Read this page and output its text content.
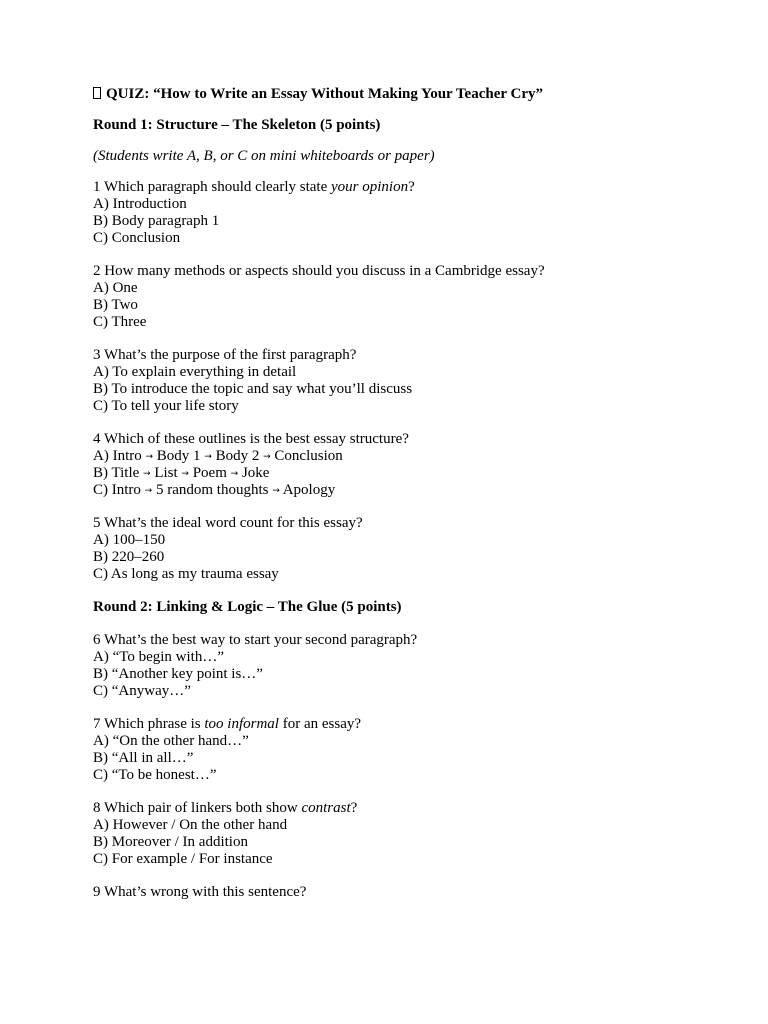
QUIZ: “How to Write an Essay Without Making Your Teacher Cry”
Round 1: Structure – The Skeleton (5 points)
(Students write A, B, or C on mini whiteboards or paper)
1 Which paragraph should clearly state your opinion?
A) Introduction
B) Body paragraph 1
C) Conclusion
2 How many methods or aspects should you discuss in a Cambridge essay?
A) One
B) Two
C) Three
3 What’s the purpose of the first paragraph?
A) To explain everything in detail
B) To introduce the topic and say what you’ll discuss
C) To tell your life story
4 Which of these outlines is the best essay structure?
A) Intro → Body 1 → Body 2 → Conclusion
B) Title → List → Poem → Joke
C) Intro → 5 random thoughts → Apology
5 What’s the ideal word count for this essay?
A) 100–150
B) 220–260
C) As long as my trauma essay
Round 2: Linking & Logic – The Glue (5 points)
6 What’s the best way to start your second paragraph?
A) “To begin with…”
B) “Another key point is…”
C) “Anyway…”
7 Which phrase is too informal for an essay?
A) “On the other hand…”
B) “All in all…”
C) “To be honest…”
8 Which pair of linkers both show contrast?
A) However / On the other hand
B) Moreover / In addition
C) For example / For instance
9 What’s wrong with this sentence?
